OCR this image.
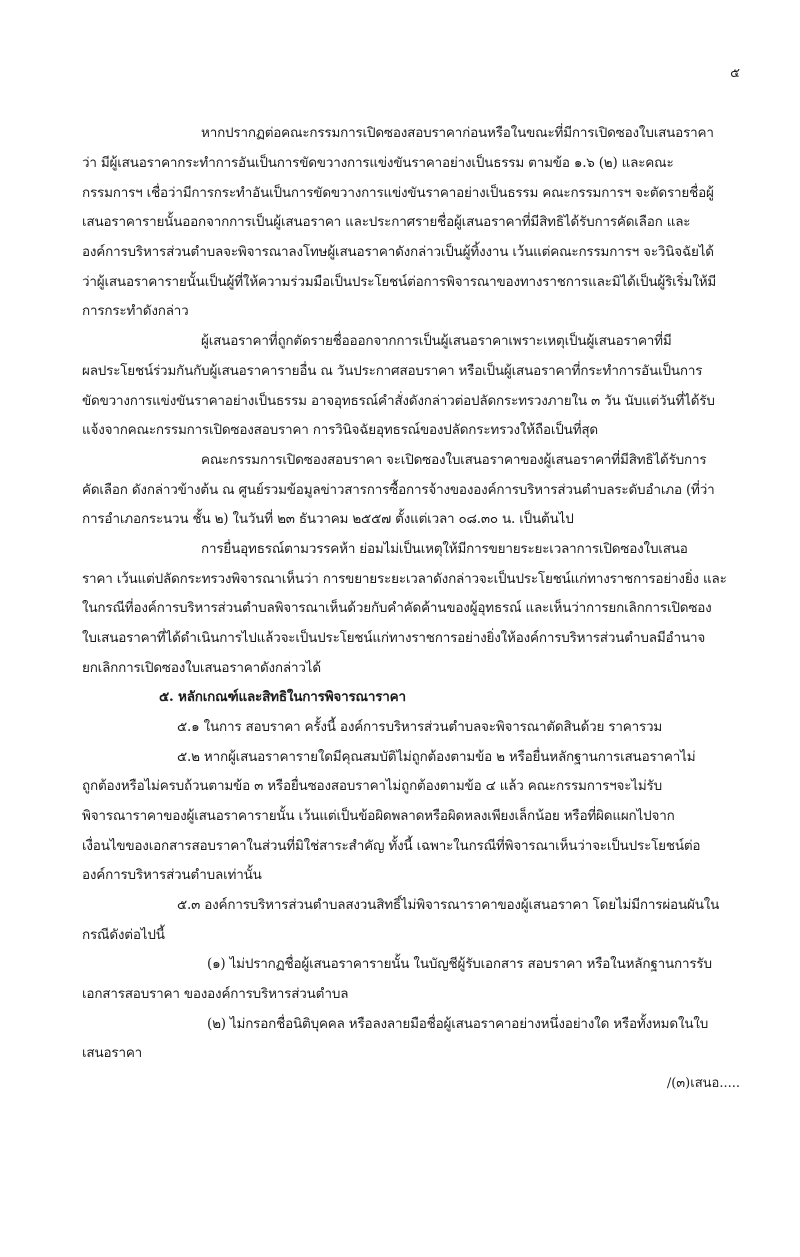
๕
หากปรากฏต่อคณะกรรมการเปิดซองสอบราคาก่อนหรือในขณะที่มีการเปิดซองใบเสนอราคา
ว่า มีผู้เสนอราคากระทำการอันเป็นการขัดขวางการแข่งขันราคาอย่างเป็นธรรม ตามข้อ ๑.๖ (๒) และคณะ
กรรมการฯ เชื่อว่ามีการกระทำอันเป็นการขัดขวางการแข่งขันราคาอย่างเป็นธรรม คณะกรรมการฯ จะตัดรายชื่อผู้
เสนอราคารายนั้นออกจากการเป็นผู้เสนอราคา และประกาศรายชื่อผู้เสนอราคาที่มีสิทธิได้รับการคัดเลือก และ
องค์การบริหารส่วนตำบลจะพิจารณาลงโทษผู้เสนอราคาดังกล่าวเป็นผู้ทิ้งงาน เว้นแต่คณะกรรมการฯ จะวินิจฉัยได้
ว่าผู้เสนอราคารายนั้นเป็นผู้ที่ให้ความร่วมมือเป็นประโยชน์ต่อการพิจารณาของทางราชการและมิได้เป็นผู้ริเริ่มให้มี
การกระทำดังกล่าว
ผู้เสนอราคาที่ถูกตัดรายชื่อออกจากการเป็นผู้เสนอราคาเพราะเหตุเป็นผู้เสนอราคาที่มี
ผลประโยชน์ร่วมกันกับผู้เสนอราคารายอื่น ณ วันประกาศสอบราคา หรือเป็นผู้เสนอราคาที่กระทำการอันเป็นการ
ขัดขวางการแข่งขันราคาอย่างเป็นธรรม อาจอุทธรณ์คำสั่งดังกล่าวต่อปลัดกระทรวงภายใน ๓ วัน นับแต่วันที่ได้รับ
แจ้งจากคณะกรรมการเปิดซองสอบราคา การวินิจฉัยอุทธรณ์ของปลัดกระทรวงให้ถือเป็นที่สุด
คณะกรรมการเปิดซองสอบราคา จะเปิดซองใบเสนอราคาของผู้เสนอราคาที่มีสิทธิได้รับการ
คัดเลือก ดังกล่าวข้างต้น ณ ศูนย์รวมข้อมูลข่าวสารการซื้อการจ้างขององค์การบริหารส่วนตำบลระดับอำเภอ (ที่ว่า
การอำเภอกระนวน ชั้น ๒) ในวันที่ ๒๓ ธันวาคม ๒๕๕๗ ตั้งแต่เวลา ๐๘.๓๐ น. เป็นต้นไป
การยื่นอุทธรณ์ตามวรรคห้า ย่อมไม่เป็นเหตุให้มีการขยายระยะเวลาการเปิดซองใบเสนอ
ราคา เว้นแต่ปลัดกระทรวงพิจารณาเห็นว่า การขยายระยะเวลาดังกล่าวจะเป็นประโยชน์แก่ทางราชการอย่างยิ่ง และ
ในกรณีที่องค์การบริหารส่วนตำบลพิจารณาเห็นด้วยกับคำคัดค้านของผู้อุทธรณ์ และเห็นว่าการยกเลิกการเปิดซอง
ใบเสนอราคาที่ได้ดำเนินการไปแล้วจะเป็นประโยชน์แก่ทางราชการอย่างยิ่งให้องค์การบริหารส่วนตำบลมีอำนาจ
ยกเลิกการเปิดซองใบเสนอราคาดังกล่าวได้
๕. หลักเกณฑ์และสิทธิในการพิจารณาราคา
๕.๑ ในการ สอบราคา ครั้งนี้ องค์การบริหารส่วนตำบลจะพิจารณาตัดสินด้วย ราคารวม
๕.๒ หากผู้เสนอราคารายใดมีคุณสมบัติไม่ถูกต้องตามข้อ ๒ หรือยื่นหลักฐานการเสนอราคาไม่
ถูกต้องหรือไม่ครบถ้วนตามข้อ ๓ หรือยื่นซองสอบราคาไม่ถูกต้องตามข้อ ๔ แล้ว คณะกรรมการฯจะไม่รับ
พิจารณาราคาของผู้เสนอราคารายนั้น เว้นแต่เป็นข้อผิดพลาดหรือผิดหลงเพียงเล็กน้อย หรือที่ผิดแผกไปจาก
เงื่อนไขของเอกสารสอบราคาในส่วนที่มิใช่สาระสำคัญ ทั้งนี้ เฉพาะในกรณีที่พิจารณาเห็นว่าจะเป็นประโยชน์ต่อ
องค์การบริหารส่วนตำบลเท่านั้น
๕.๓ องค์การบริหารส่วนตำบลสงวนสิทธิ์ไม่พิจารณาราคาของผู้เสนอราคา โดยไม่มีการผ่อนผันใน
กรณีดังต่อไปนี้
(๑) ไม่ปรากฏชื่อผู้เสนอราคารายนั้น ในบัญชีผู้รับเอกสาร สอบราคา หรือในหลักฐานการรับ
เอกสารสอบราคา ขององค์การบริหารส่วนตำบล
(๒) ไม่กรอกชื่อนิติบุคคล หรือลงลายมือชื่อผู้เสนอราคาอย่างหนึ่งอย่างใด หรือทั้งหมดในใบ
เสนอราคา
/(๓)เสนอ.....
